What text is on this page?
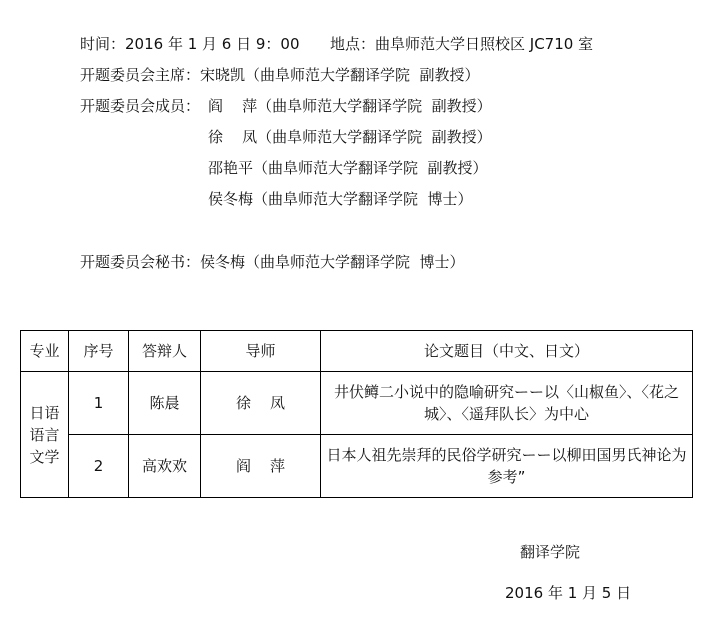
时间：2016 年 1 月 6 日 9：00 地点：曲阜师范大学日照校区 JC710 室
开题委员会主席：宋晓凯（曲阜师范大学翻译学院  副教授）
开题委员会成员： 阎    萍（曲阜师范大学翻译学院  副教授）
徐    凤（曲阜师范大学翻译学院  副教授）
邵艳平（曲阜师范大学翻译学院  副教授）
侯冬梅（曲阜师范大学翻译学院  博士）
开题委员会秘书：侯冬梅（曲阜师范大学翻译学院  博士）
专业	序号	答辩人	导师	论文题目（中文、日文）
日语语言文学	1	陈晨	徐    凤	井伏鳟二小说中的隐喻研究ーー以〈山椒鱼〉、〈花之城〉、〈遥拜队长〉为中心
	2	高欢欢	阎    萍	日本人祖先崇拜的民俗学研究ーー以柳田国男氏神论为参考”
翻译学院
2016 年 1 月 5 日
